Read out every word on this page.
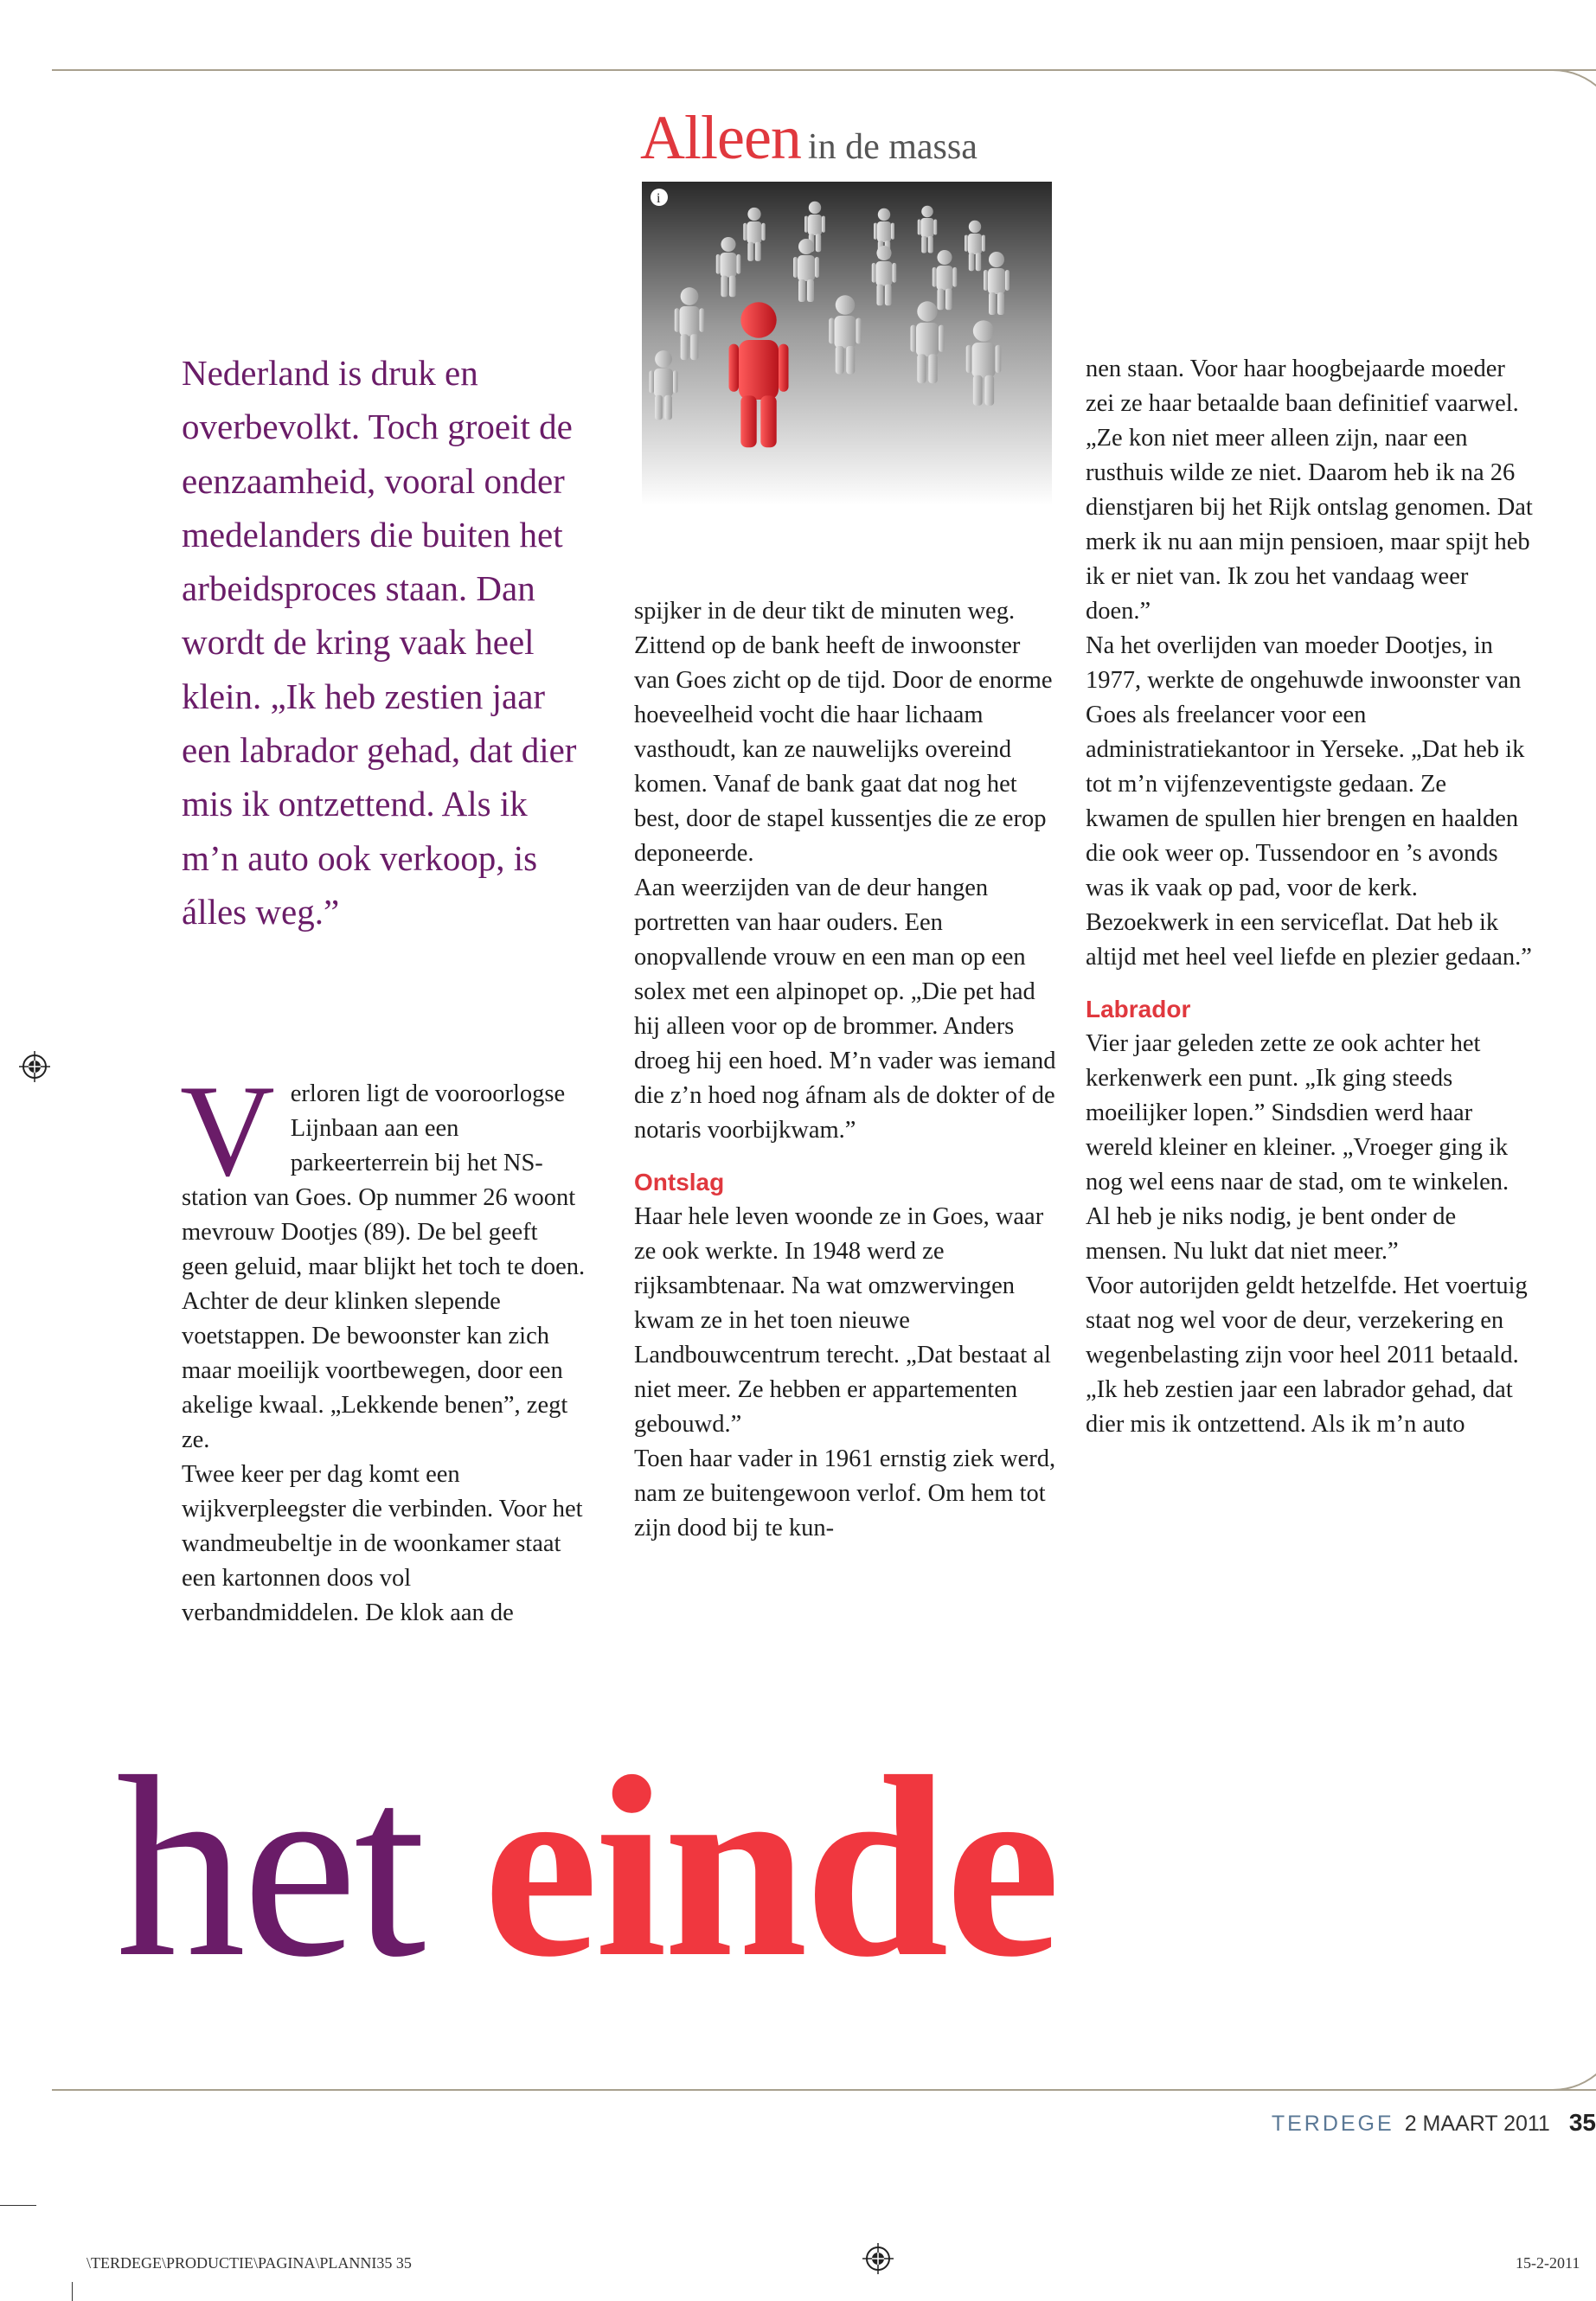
Alleen in de massa
i
Nederland is druk en overbevolkt. Toch groeit de eenzaamheid, vooral onder medelanders die buiten het arbeidsproces staan. Dan wordt de kring vaak heel klein. „Ik heb zestien jaar een labrador gehad, dat dier mis ik ontzettend. Als ik m’n auto ook verkoop, is álles weg.”
V erloren ligt de vooroorlogse Lijnbaan aan een parkeerterrein bij het NS-station van Goes. Op nummer 26 woont mevrouw Dootjes (89). De bel geeft geen geluid, maar blijkt het toch te doen. Achter de deur klinken slepende voetstappen. De bewoonster kan zich maar moeilijk voortbewegen, door een akelige kwaal. „Lekkende benen”, zegt ze.

Twee keer per dag komt een wijkverpleegster die verbinden. Voor het wandmeubeltje in de woonkamer staat een kartonnen doos vol verbandmiddelen. De klok aan de

spijker in de deur tikt de minuten weg. Zittend op de bank heeft de inwoonster van Goes zicht op de tijd. Door de enorme hoeveelheid vocht die haar lichaam vasthoudt, kan ze nauwelijks overeind komen. Vanaf de bank gaat dat nog het best, door de stapel kussentjes die ze erop deponeerde.

Aan weerzijden van de deur hangen portretten van haar ouders. Een onopvallende vrouw en een man op een solex met een alpinopet op. „Die pet had hij alleen voor op de brommer. Anders droeg hij een hoed. M’n vader was iemand die z’n hoed nog áfnam als de dokter of de notaris voorbijkwam.”

Ontslag

Haar hele leven woonde ze in Goes, waar ze ook werkte. In 1948 werd ze rijksambtenaar. Na wat omzwervingen kwam ze in het toen nieuwe Landbouwcentrum terecht. „Dat bestaat al niet meer. Ze hebben er appartementen gebouwd.”

Toen haar vader in 1961 ernstig ziek werd, nam ze buitengewoon verlof. Om hem tot zijn dood bij te kun-

nen staan. Voor haar hoogbejaarde moeder zei ze haar betaalde baan definitief vaarwel. „Ze kon niet meer alleen zijn, naar een rusthuis wilde ze niet. Daarom heb ik na 26 dienstjaren bij het Rijk ontslag genomen. Dat merk ik nu aan mijn pensioen, maar spijt heb ik er niet van. Ik zou het vandaag weer doen.”

Na het overlijden van moeder Dootjes, in 1977, werkte de ongehuwde inwoonster van Goes als freelancer voor een administratiekantoor in Yerseke. „Dat heb ik tot m’n vijfenzeventigste gedaan. Ze kwamen de spullen hier brengen en haalden die ook weer op. Tussendoor en ’s avonds was ik vaak op pad, voor de kerk. Bezoekwerk in een serviceflat. Dat heb ik altijd met heel veel liefde en plezier gedaan.”

Labrador

Vier jaar geleden zette ze ook achter het kerkenwerk een punt. „Ik ging steeds moeilijker lopen.” Sindsdien werd haar wereld kleiner en kleiner. „Vroeger ging ik nog wel eens naar de stad, om te winkelen. Al heb je niks nodig, je bent onder de mensen. Nu lukt dat niet meer.”

Voor autorijden geldt hetzelfde. Het voertuig staat nog wel voor de deur, verzekering en wegenbelasting zijn voor heel 2011 betaald. „Ik heb zestien jaar een labrador gehad, dat dier mis ik ontzettend. Als ik m’n auto

het einde
TERDEGE 2 MAART 2011 35
\TERDEGE\PRODUCTIE\PAGINA\PLANNI35 35	15-2-2011
